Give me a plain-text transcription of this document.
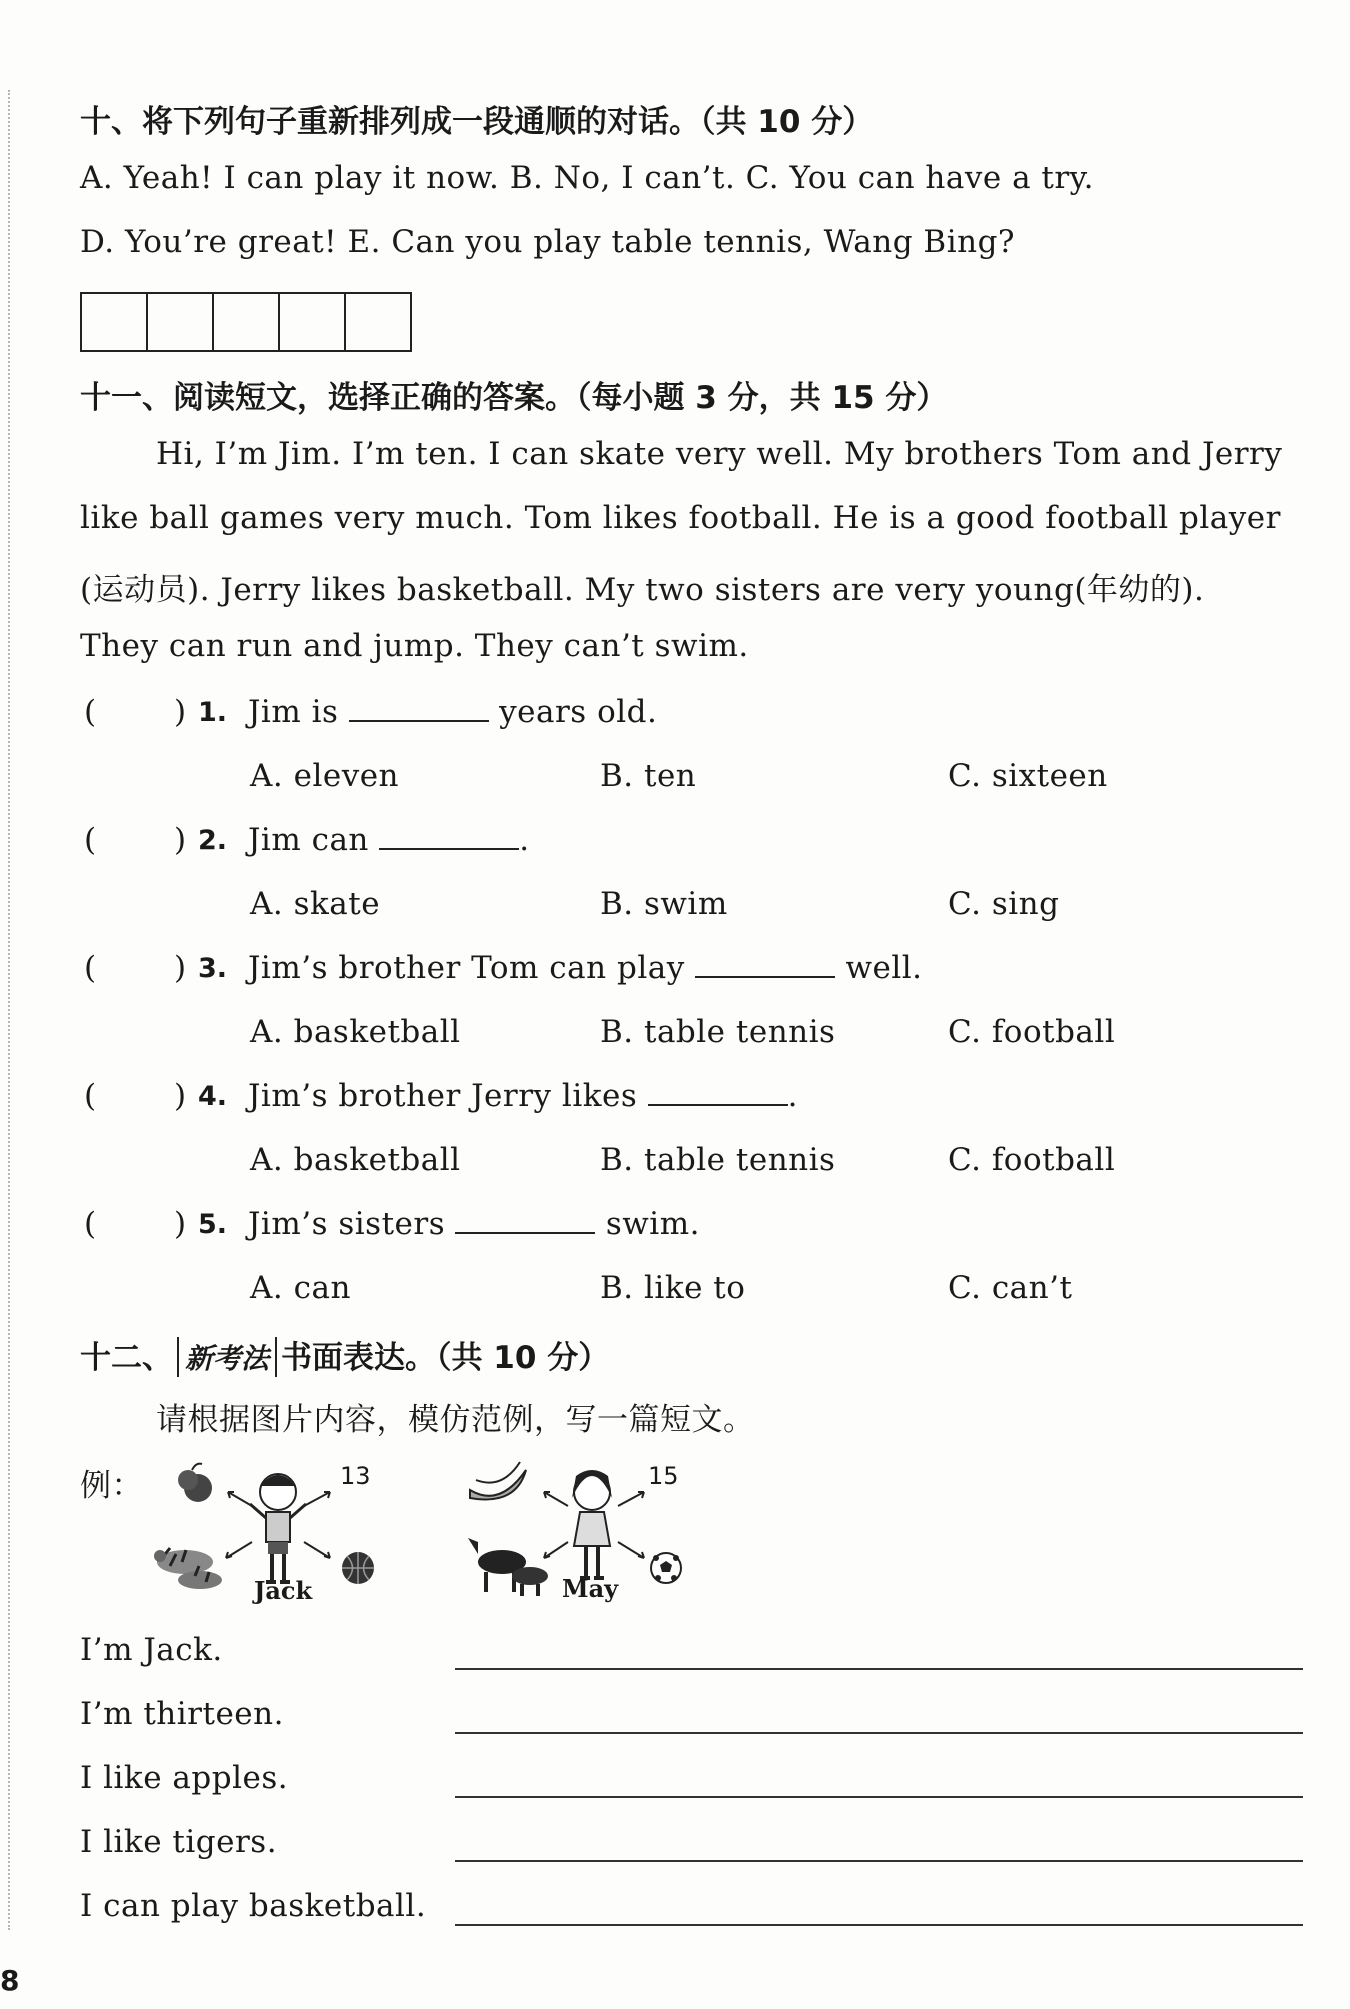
十、将下列句子重新排列成一段通顺的对话。（共 10 分）
A. Yeah! I can play it now. B. No, I can’t. C. You can have a try.
D. You’re great! E. Can you play table tennis, Wang Bing?
十一、阅读短文，选择正确的答案。（每小题 3 分，共 15 分）
Hi, I’m Jim. I’m ten. I can skate very well. My brothers Tom and Jerry
like ball games very much. Tom likes football. He is a good football player
(运动员). Jerry likes basketball. My two sisters are very young(年幼的).
They can run and jump. They can’t swim.
( ) 1. Jim is	years old.
A. eleven	B. ten	C. sixteen
( ) 2. Jim can	.
A. skate	B. swim	C. sing
( ) 3. Jim’s brother Tom can play	well.
A. basketball	B. table tennis	C. football
( ) 4. Jim’s brother Jerry likes	.
A. basketball	B. table tennis	C. football
( ) 5. Jim’s sisters	swim.
A. can	B. like to	C. can’t
十二、 新考法 书面表达。（共 10 分）
请根据图片内容，模仿范例，写一篇短文。
例：	13
Jack
15
May
I’m Jack.
I’m thirteen.
I like apples.
I like tigers.
I can play basketball.
8
